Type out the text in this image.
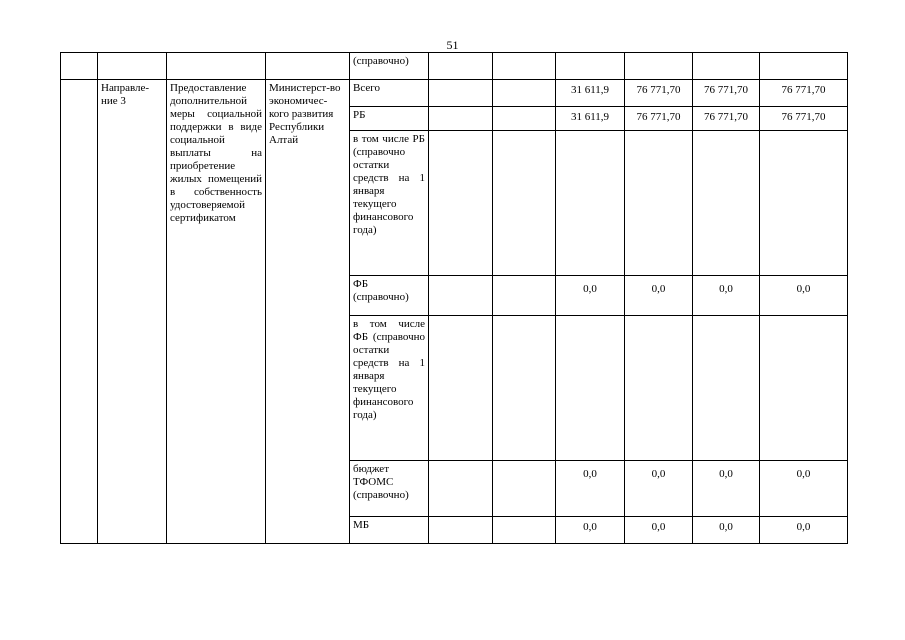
51
				(справочно)						
	Направле-ние 3	Предоставление дополнительной меры социальной поддержки в виде социальной выплаты на приобретение жилых помещений в собственность удостоверяемой сертификатом	Министерст-во экономичес-кого развития Республики Алтай	Всего			31 611,9	76 771,70	76 771,70	76 771,70
				РБ			31 611,9	76 771,70	76 771,70	76 771,70
				в том числе РБ (справочно остатки средств на 1 января текущего финансового года)						
				ФБ (справочно)			0,0	0,0	0,0	0,0
				в том числе ФБ (справочно остатки средств на 1 января текущего финансового года)						
				бюджет ТФОМС (справочно)			0,0	0,0	0,0	0,0
				МБ			0,0	0,0	0,0	0,0
